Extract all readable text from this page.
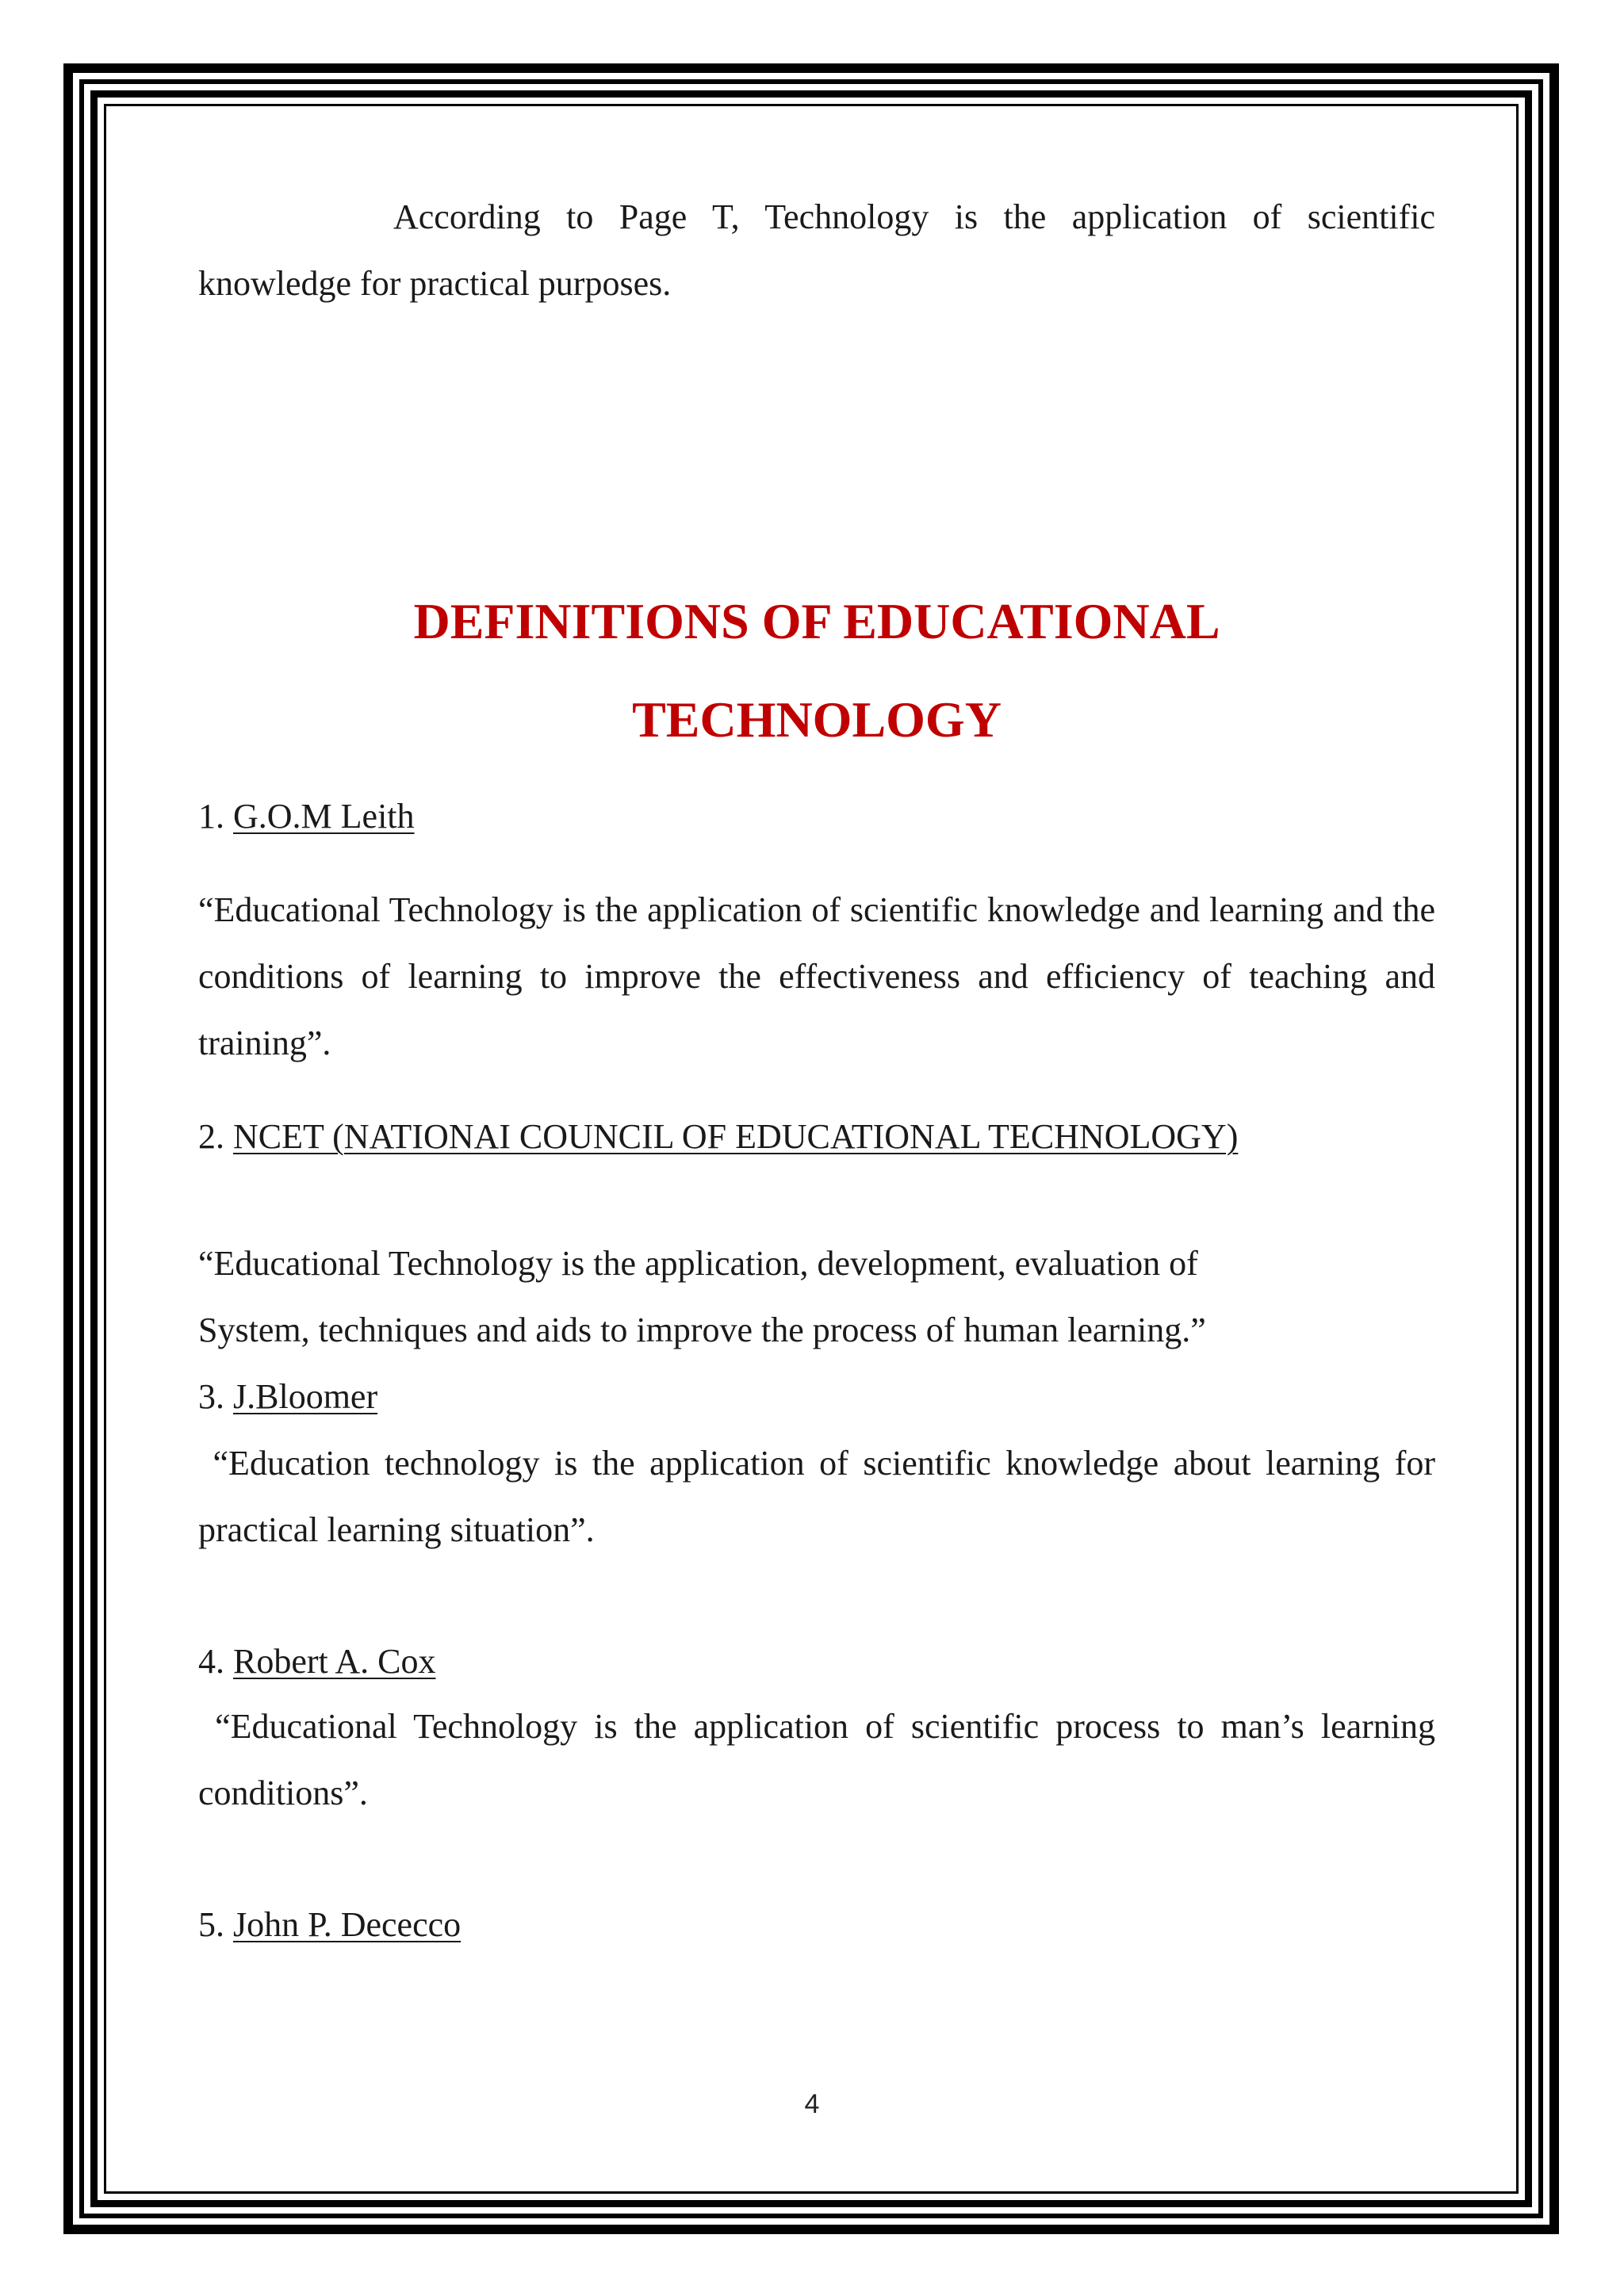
According to Page T, Technology is the application of scientific knowledge for practical purposes.

DEFINITIONS OF EDUCATIONAL
TECHNOLOGY
1. G.O.M Leith

“Educational Technology is the application of scientific knowledge and learning and the conditions of learning to improve the effectiveness and efficiency of teaching and training”.

2. NCET (NATIONAI COUNCIL OF EDUCATIONAL TECHNOLOGY)
“Educational Technology is the application, development, evaluation of
System, techniques and aids to improve the process of human learning.”
3. J.Bloomer

“Education technology is the application of scientific knowledge about learning for practical learning situation”.

4. Robert A. Cox

“Educational Technology is the application of scientific process to man’s learning conditions”.

5. John P. Dececco
4
